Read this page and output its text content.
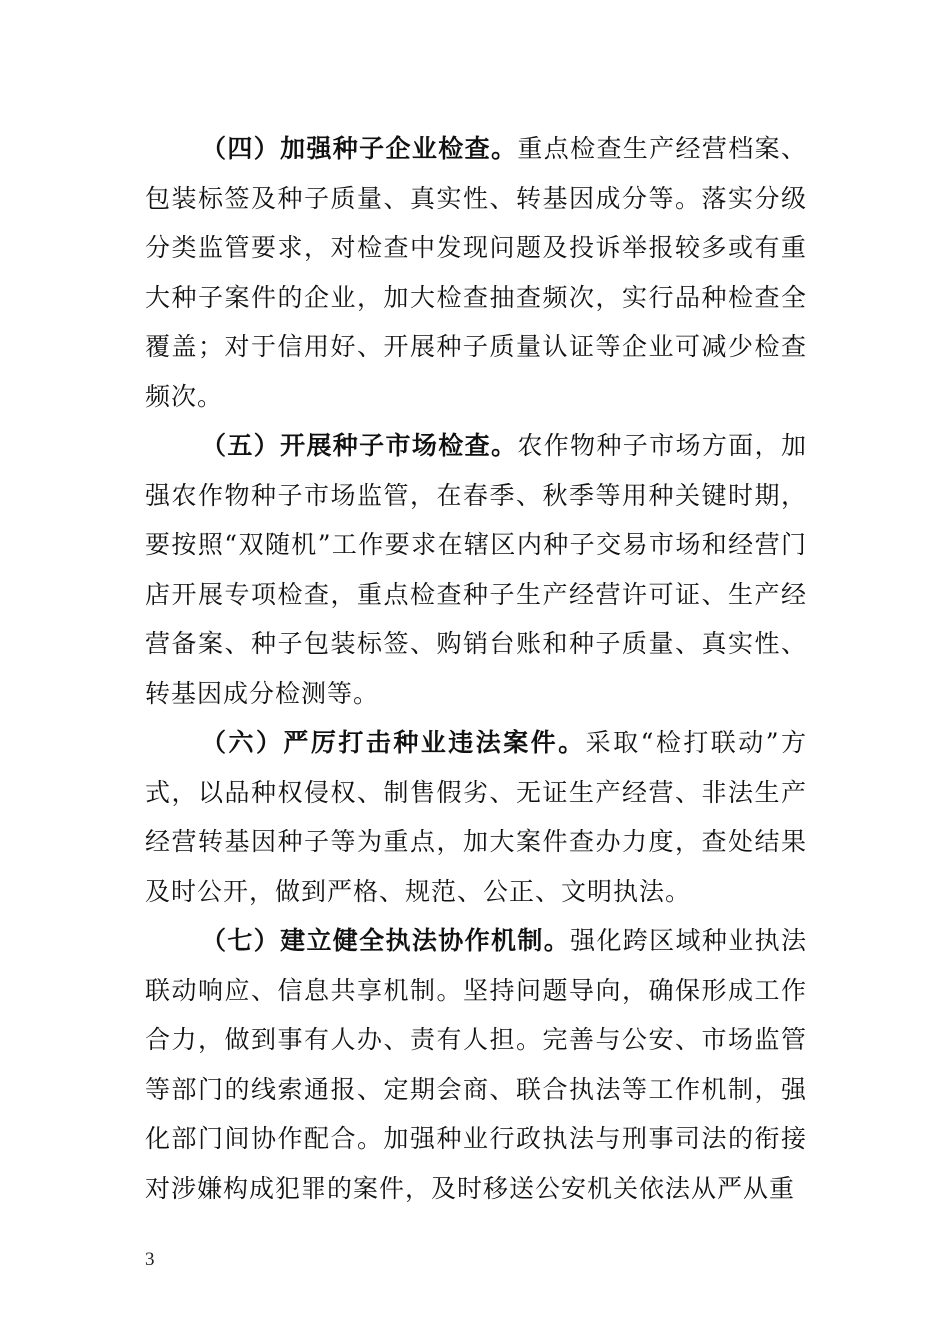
（四）加强种子企业检查。重点检查生产经营档案、包装标签及种子质量、真实性、转基因成分等。落实分级分类监管要求，对检查中发现问题及投诉举报较多或有重大种子案件的企业，加大检查抽查频次，实行品种检查全覆盖；对于信用好、开展种子质量认证等企业可减少检查频次。

（五）开展种子市场检查。农作物种子市场方面，加强农作物种子市场监管，在春季、秋季等用种关键时期，要按照“双随机”工作要求在辖区内种子交易市场和经营门店开展专项检查，重点检查种子生产经营许可证、生产经营备案、种子包装标签、购销台账和种子质量、真实性、转基因成分检测等。

（六）严厉打击种业违法案件。采取“检打联动”方式，以品种权侵权、制售假劣、无证生产经营、非法生产经营转基因种子等为重点，加大案件查办力度，查处结果及时公开，做到严格、规范、公正、文明执法。

（七）建立健全执法协作机制。强化跨区域种业执法联动响应、信息共享机制。坚持问题导向，确保形成工作合力，做到事有人办、责有人担。完善与公安、市场监管等部门的线索通报、定期会商、联合执法等工作机制，强化部门间协作配合。加强种业行政执法与刑事司法的衔接对涉嫌构成犯罪的案件，及时移送公安机关依法从严从重

3
